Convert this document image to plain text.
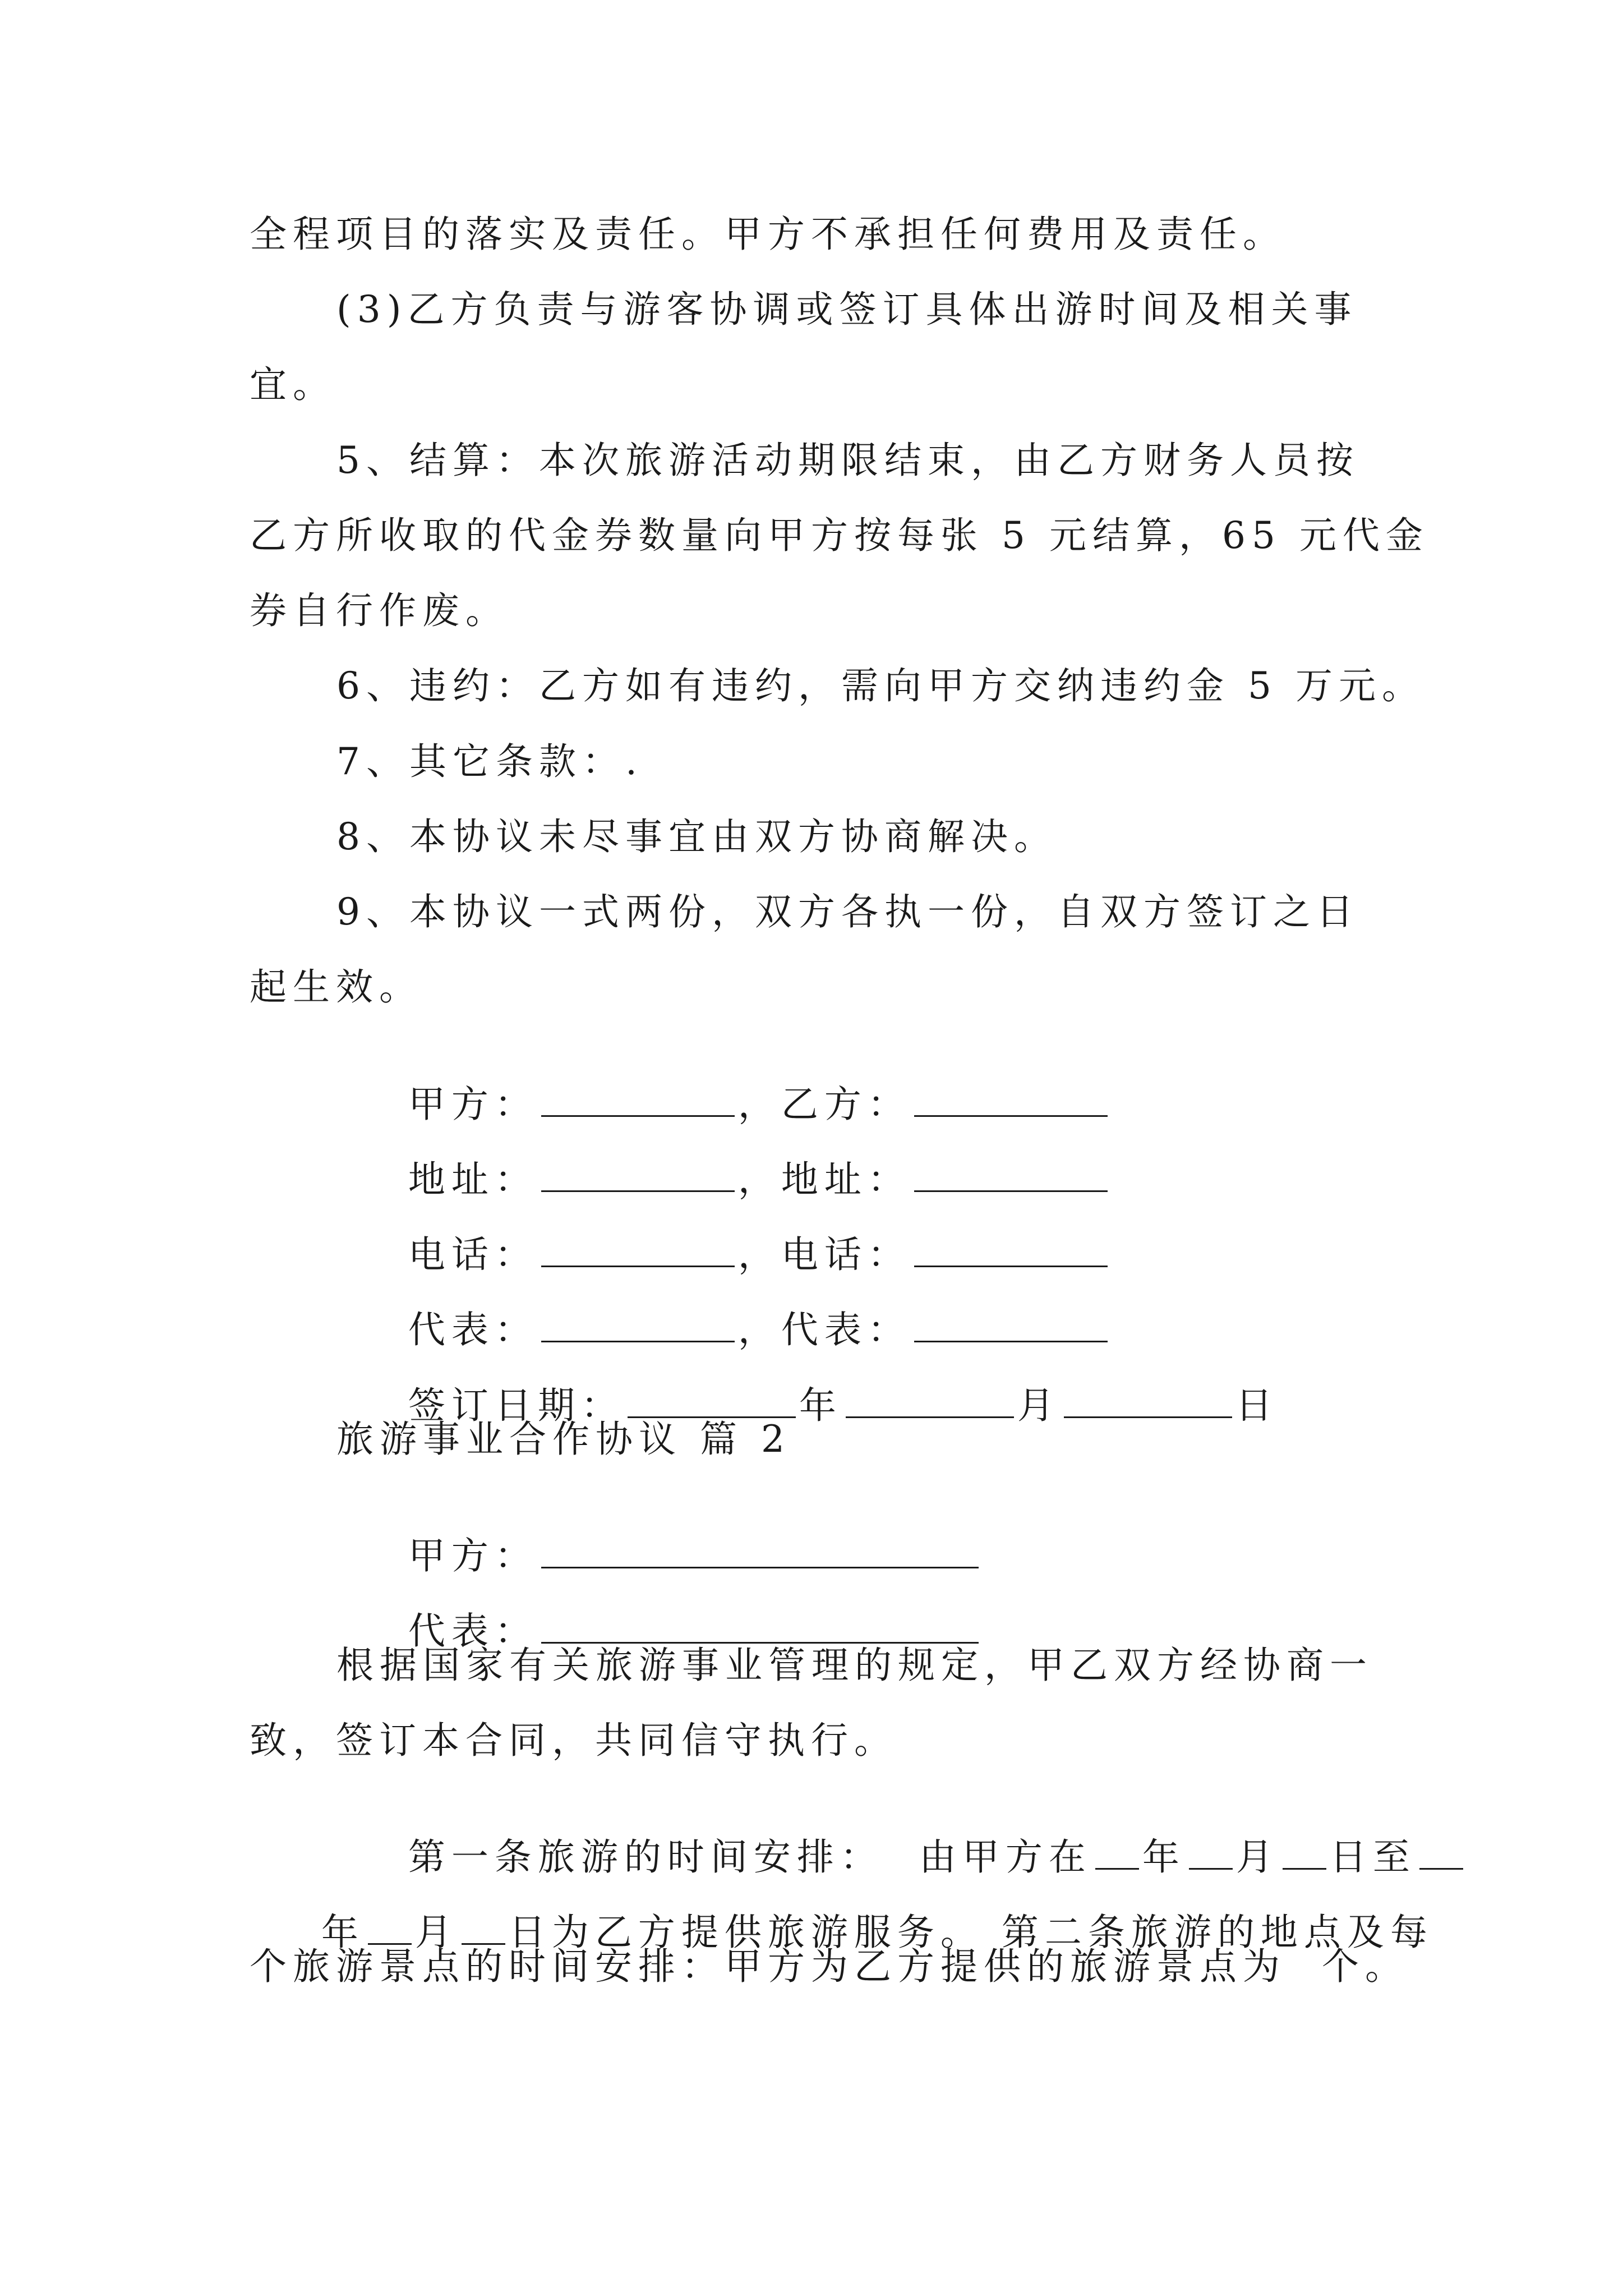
全程项目的落实及责任。甲方不承担任何费用及责任。
(3)乙方负责与游客协调或签订具体出游时间及相关事
宜。
5、结算：本次旅游活动期限结束，由乙方财务人员按
乙方所收取的代金券数量向甲方按每张 5 元结算，65 元代金
券自行作废。
6、违约：乙方如有违约，需向甲方交纳违约金 5 万元。
7、其它条款：.
8、本协议未尽事宜由双方协商解决。
9、本协议一式两份，双方各执一份，自双方签订之日
起生效。

甲方：	，乙方：

地址：	，地址：

电话：	，电话：

代表：	，代表：

签订日期：	年	月	日

旅游事业合作协议 篇 2

甲方：

代表：

根据国家有关旅游事业管理的规定，甲乙双方经协商一
致，签订本合同，共同信守执行。

第一条旅游的时间安排：  由甲方在 年 月 日至

年 月 日为乙方提供旅游服务。 第二条旅游的地点及每

个旅游景点的时间安排：甲方为乙方提供的旅游景点为  个。
